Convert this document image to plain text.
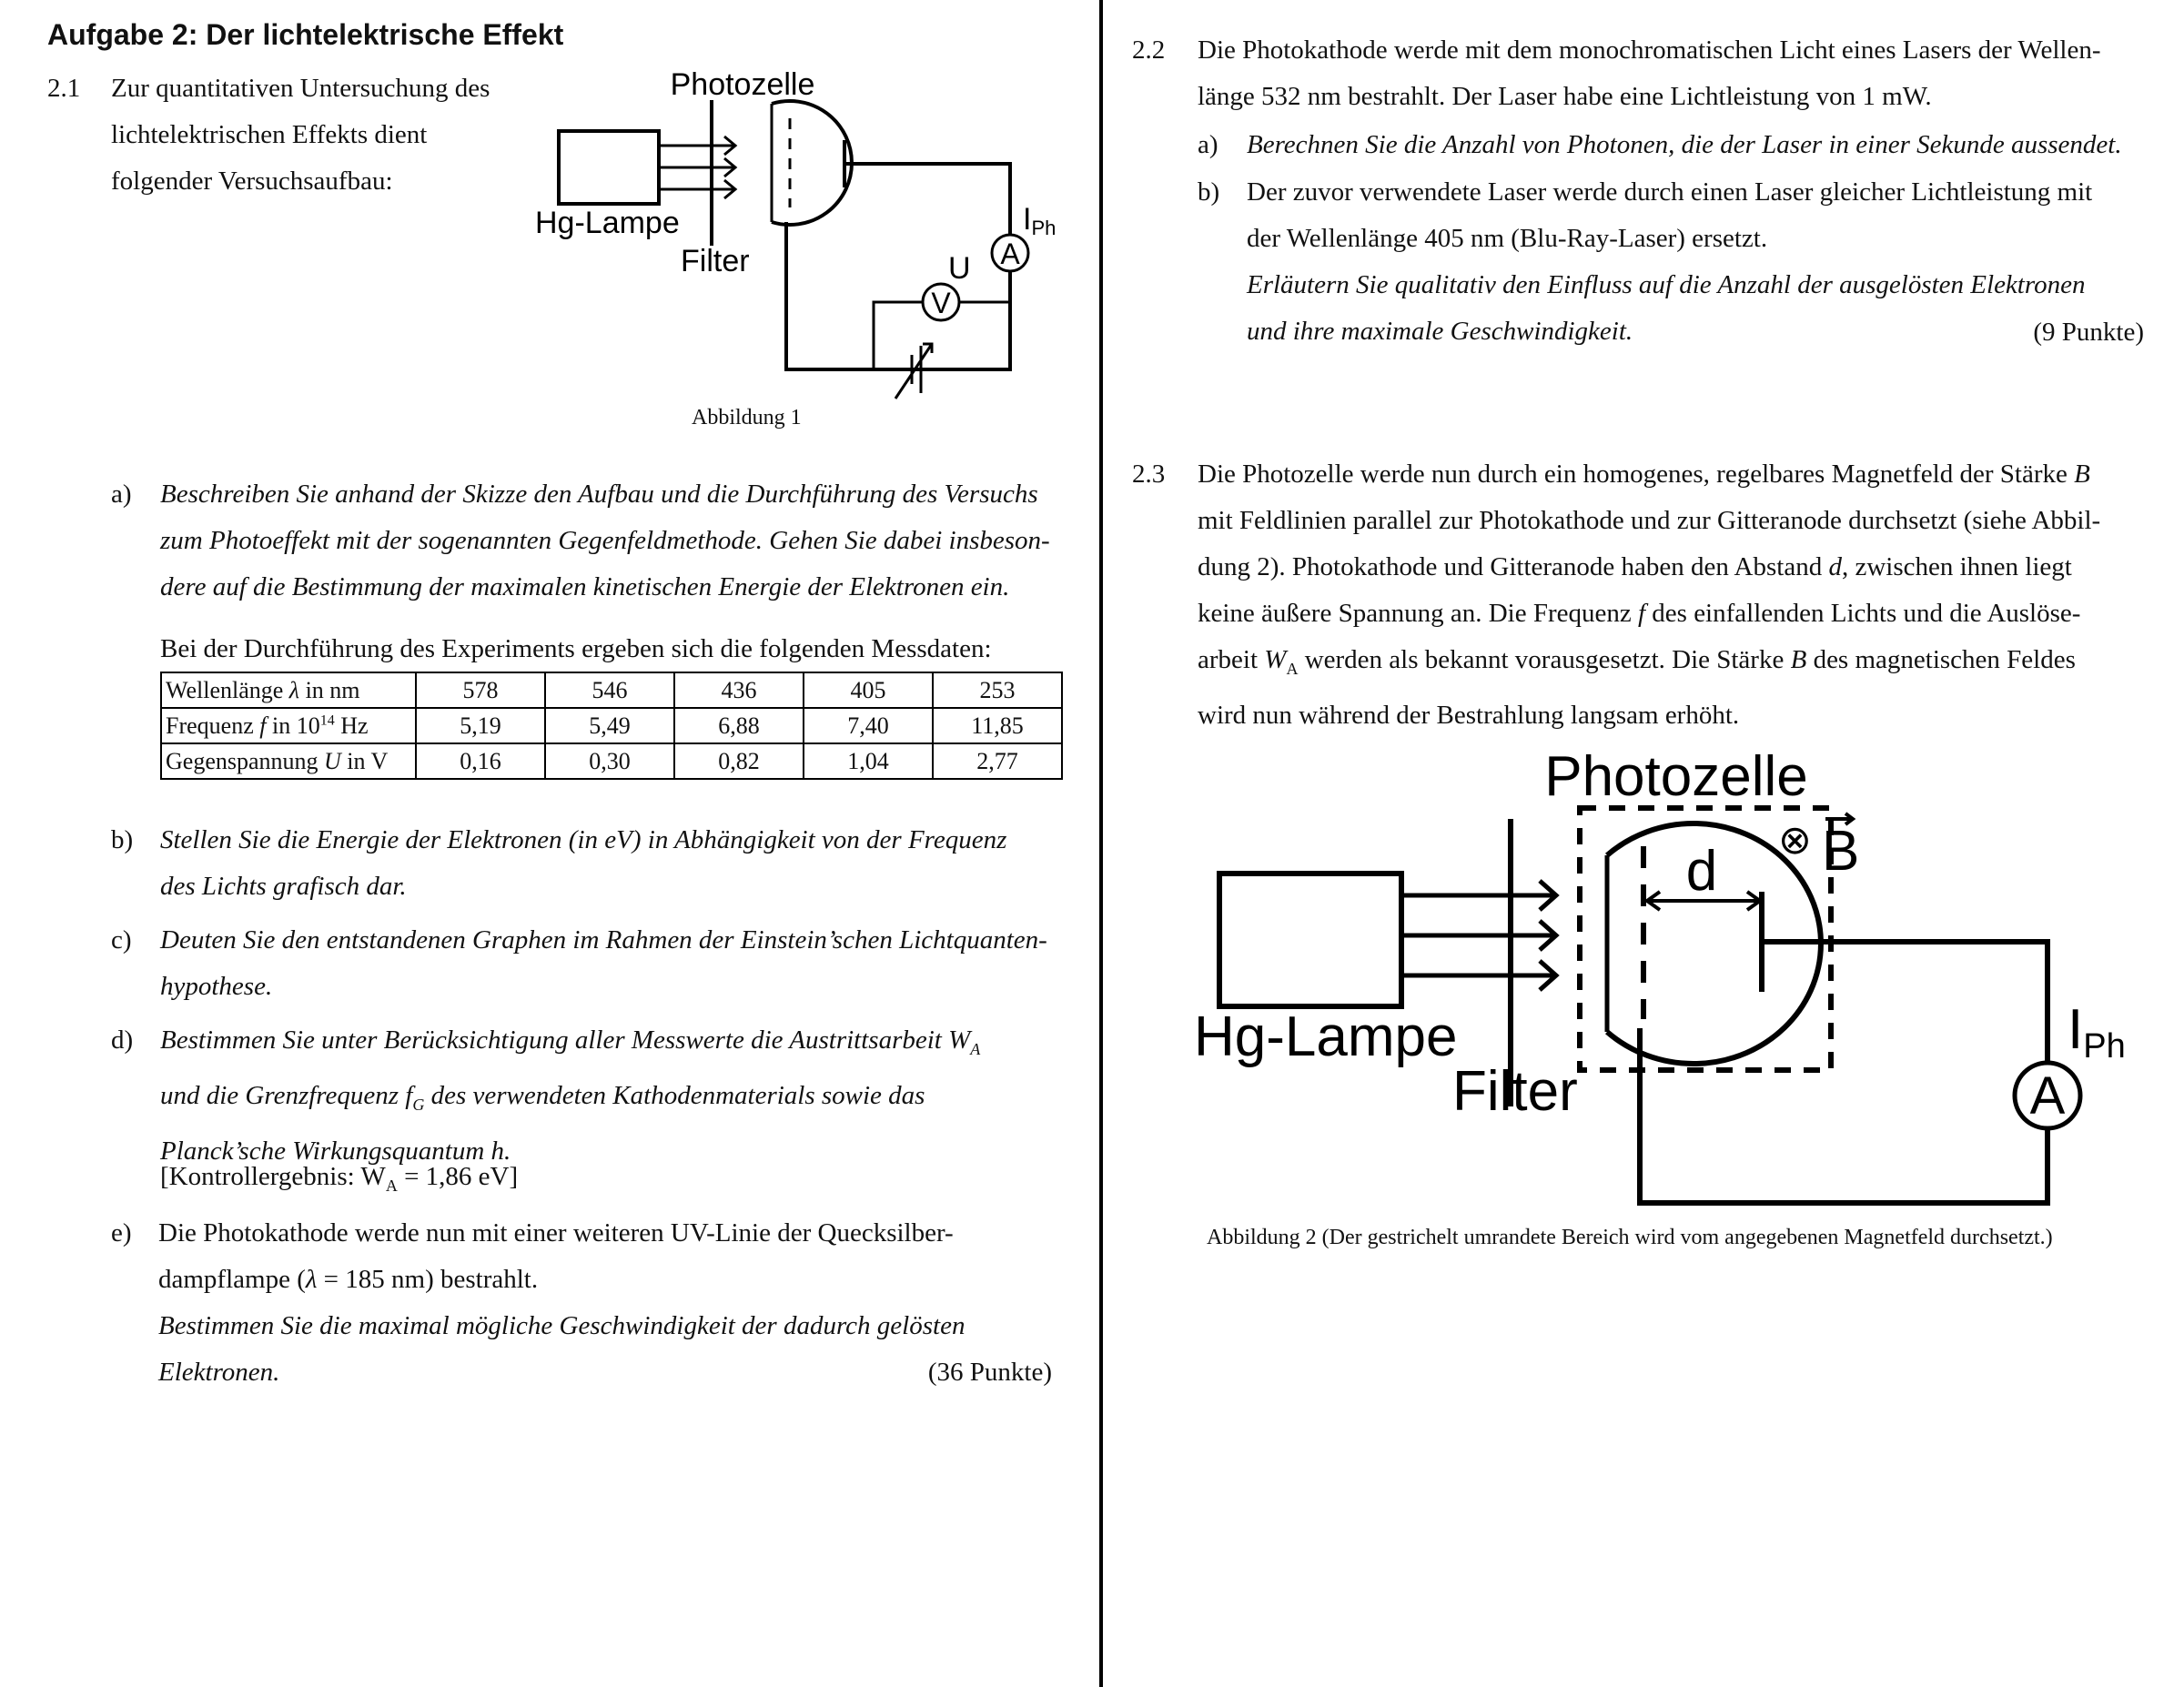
Aufgabe 2: Der lichtelektrische Effekt
2.1 Zur quantitativen Untersuchung des
lichtelektrischen Effekts dient
folgender Versuchsaufbau:
Photozelle
Hg-Lampe
Filter	A
IPh
V
U
Abbildung 1
a) Beschreiben Sie anhand der Skizze den Aufbau und die Durchführung des Versuchs
zum Photoeffekt mit der sogenannten Gegenfeldmethode. Gehen Sie dabei insbeson-
dere auf die Bestimmung der maximalen kinetischen Energie der Elektronen ein.
Bei der Durchführung des Experiments ergeben sich die folgenden Messdaten:
Wellenlänge λ in nm	578	546	436	405	253
Frequenz f in $10^{14}$ Hz	5,19	5,49	6,88	7,40	11,85
Gegenspannung U in V	0,16	0,30	0,82	1,04	2,77
b) Stellen Sie die Energie der Elektronen (in eV) in Abhängigkeit von der Frequenz
des Lichts grafisch dar.
c) Deuten Sie den entstandenen Graphen im Rahmen der Einstein’schen Lichtquanten-
hypothese.
d) Bestimmen Sie unter Berücksichtigung aller Messwerte die Austrittsarbeit $W_A$
und die Grenzfrequenz $f_G$ des verwendeten Kathodenmaterials sowie das
Planck’sche Wirkungsquantum h.
[Kontrollergebnis: $W_A = 1,86$ eV]
e) Die Photokathode werde nun mit einer weiteren UV-Linie der Quecksilber-
dampflampe (λ = 185 nm) bestrahlt.
Bestimmen Sie die maximal mögliche Geschwindigkeit der dadurch gelösten
Elektronen.	(36 Punkte)
2.2 Die Photokathode werde mit dem monochromatischen Licht eines Lasers der Wellen-
länge 532 nm bestrahlt. Der Laser habe eine Lichtleistung von 1 mW.
a) Berechnen Sie die Anzahl von Photonen, die der Laser in einer Sekunde aussendet.
b) Der zuvor verwendete Laser werde durch einen Laser gleicher Lichtleistung mit
der Wellenlänge 405 nm (Blu-Ray-Laser) ersetzt.
Erläutern Sie qualitativ den Einfluss auf die Anzahl der ausgelösten Elektronen
und ihre maximale Geschwindigkeit.	(9 Punkte)
2.3 Die Photozelle werde nun durch ein homogenes, regelbares Magnetfeld der Stärke B
mit Feldlinien parallel zur Photokathode und zur Gitteranode durchsetzt (siehe Abbil-
dung 2). Photokathode und Gitteranode haben den Abstand d, zwischen ihnen liegt
keine äußere Spannung an. Die Frequenz f des einfallenden Lichts und die Auslöse-
arbeit $W_A$ werden als bekannt vorausgesetzt. Die Stärke B des magnetischen Feldes
wird nun während der Bestrahlung langsam erhöht.
Photozelle
Hg-Lampe
Filter
d ⊗ B
A
IPh
Abbildung 2 (Der gestrichelt umrandete Bereich wird vom angegebenen Magnetfeld durchsetzt.)
